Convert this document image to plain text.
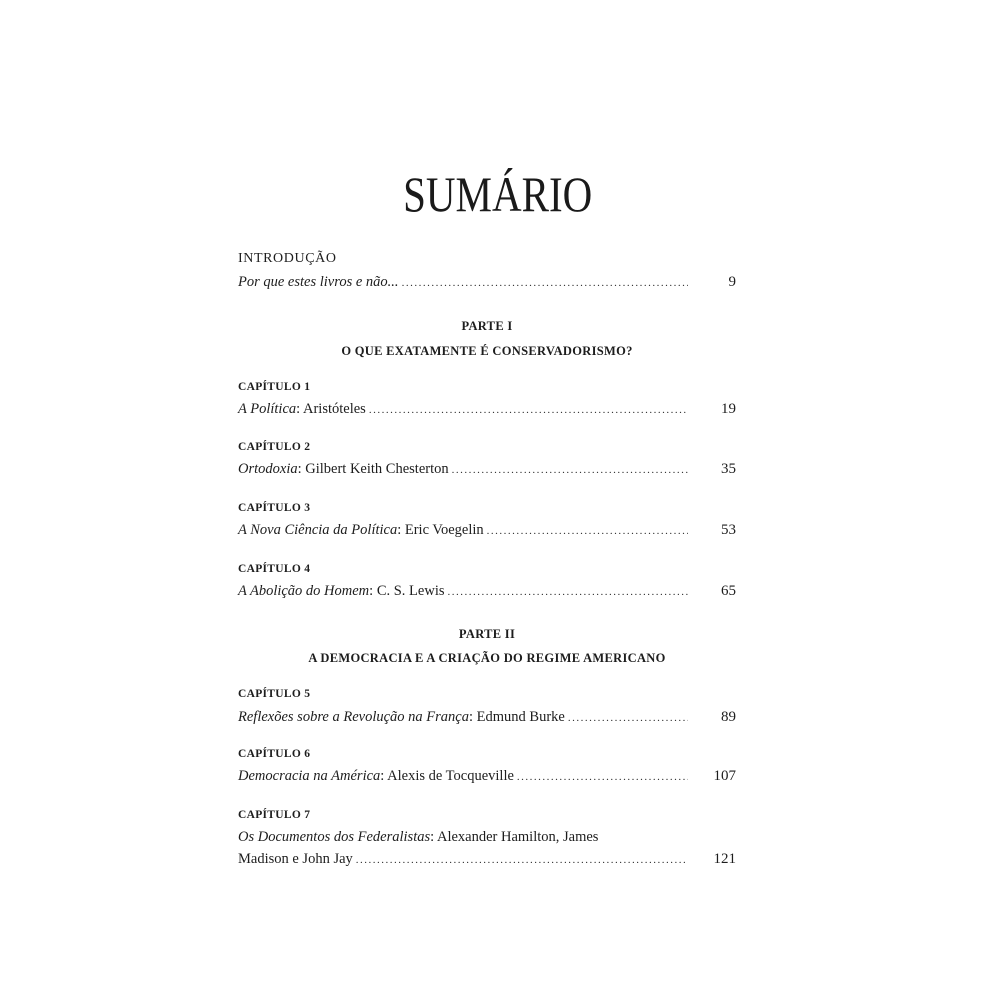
SUMÁRIO
INTRODUÇÃO
Por que estes livros e não... .....	9
PARTE I
O QUE EXATAMENTE É CONSERVADORISMO?
CAPÍTULO 1
A Política : Aristóteles .....	19
CAPÍTULO 2
Ortodoxia : Gilbert Keith Chesterton .....	35
CAPÍTULO 3
A Nova Ciência da Política : Eric Voegelin .....	53
CAPÍTULO 4
A Abolição do Homem : C. S. Lewis .....	65
PARTE II
A DEMOCRACIA E A CRIAÇÃO DO REGIME AMERICANO
CAPÍTULO 5
Reflexões sobre a Revolução na França : Edmund Burke .....	89
CAPÍTULO 6
Democracia na América : Alexis de Tocqueville .....	107
CAPÍTULO 7
Os Documentos dos Federalistas: Alexander Hamilton, James
Madison e John Jay .....	121
